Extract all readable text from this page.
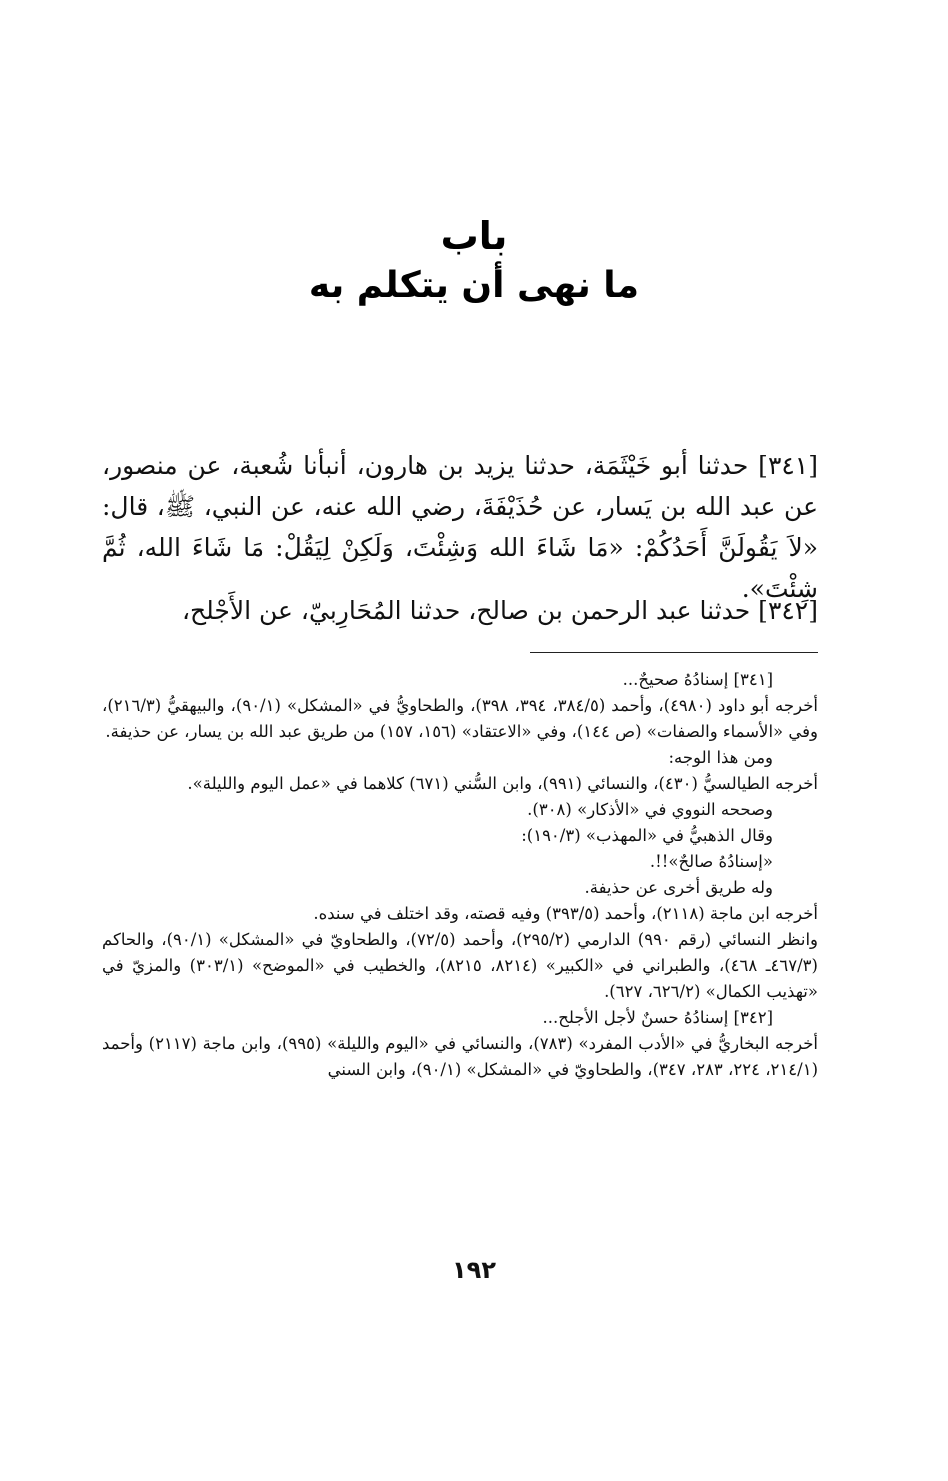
باب
ما نهى أن يتكلم به

[٣٤١] حدثنا أبو خَيْثَمَة، حدثنا يزيد بن هارون، أنبأنا شُعبة، عن منصور، عن عبد الله بن يَسار، عن حُذَيْفَةَ، رضي الله عنه، عن النبي، ﷺ، قال: «لاَ يَقُولَنَّ أَحَدُكُمْ: «مَا شَاءَ الله وَشِئْتَ، وَلَكِنْ لِيَقُلْ: مَا شَاءَ الله، ثُمَّ شِئْتَ».

[٣٤٢] حدثنا عبد الرحمن بن صالح، حدثنا المُحَارِبيّ، عن الأَجْلح،

[٣٤١] إسنادُهُ صحيحٌ...

أخرجه أبو داود (٤٩٨٠)، وأحمد (٣٨٤/٥، ٣٩٤، ٣٩٨)، والطحاويُّ في «المشكل» (٩٠/١)، والبيهقيُّ (٢١٦/٣)، وفي «الأسماء والصفات» (ص ١٤٤)، وفي «الاعتقاد» (١٥٦، ١٥٧) من طريق عبد الله بن يسار، عن حذيفة.

ومن هذا الوجه:

أخرجه الطيالسيُّ (٤٣٠)، والنسائي (٩٩١)، وابن السُّني (٦٧١) كلاهما في «عمل اليوم والليلة».

وصححه النووي في «الأذكار» (٣٠٨).

وقال الذهبيُّ في «المهذب» (١٩٠/٣):

«إسنادُهُ صالحٌ»!!.

وله طريق أخرى عن حذيفة.

أخرجه ابن ماجة (٢١١٨)، وأحمد (٣٩٣/٥) وفيه قصته، وقد اختلف في سنده.

وانظر النسائي (رقم ٩٩٠) الدارمي (٢٩٥/٢)، وأحمد (٧٢/٥)، والطحاويّ في «المشكل» (٩٠/١)، والحاكم (٤٦٧/٣ـ ٤٦٨)، والطبراني في «الكبير» (٨٢١٤، ٨٢١٥)، والخطيب في «الموضح» (٣٠٣/١) والمزيّ في «تهذيب الكمال» (٦٢٦/٢، ٦٢٧).

[٣٤٢] إسنادُهُ حسنٌ لأجل الأجلح...

أخرجه البخاريُّ في «الأدب المفرد» (٧٨٣)، والنسائي في «اليوم والليلة» (٩٩٥)، وابن ماجة (٢١١٧) وأحمد (٢١٤/١، ٢٢٤، ٢٨٣، ٣٤٧)، والطحاويّ في «المشكل» (٩٠/١)، وابن السني

١٩٢
